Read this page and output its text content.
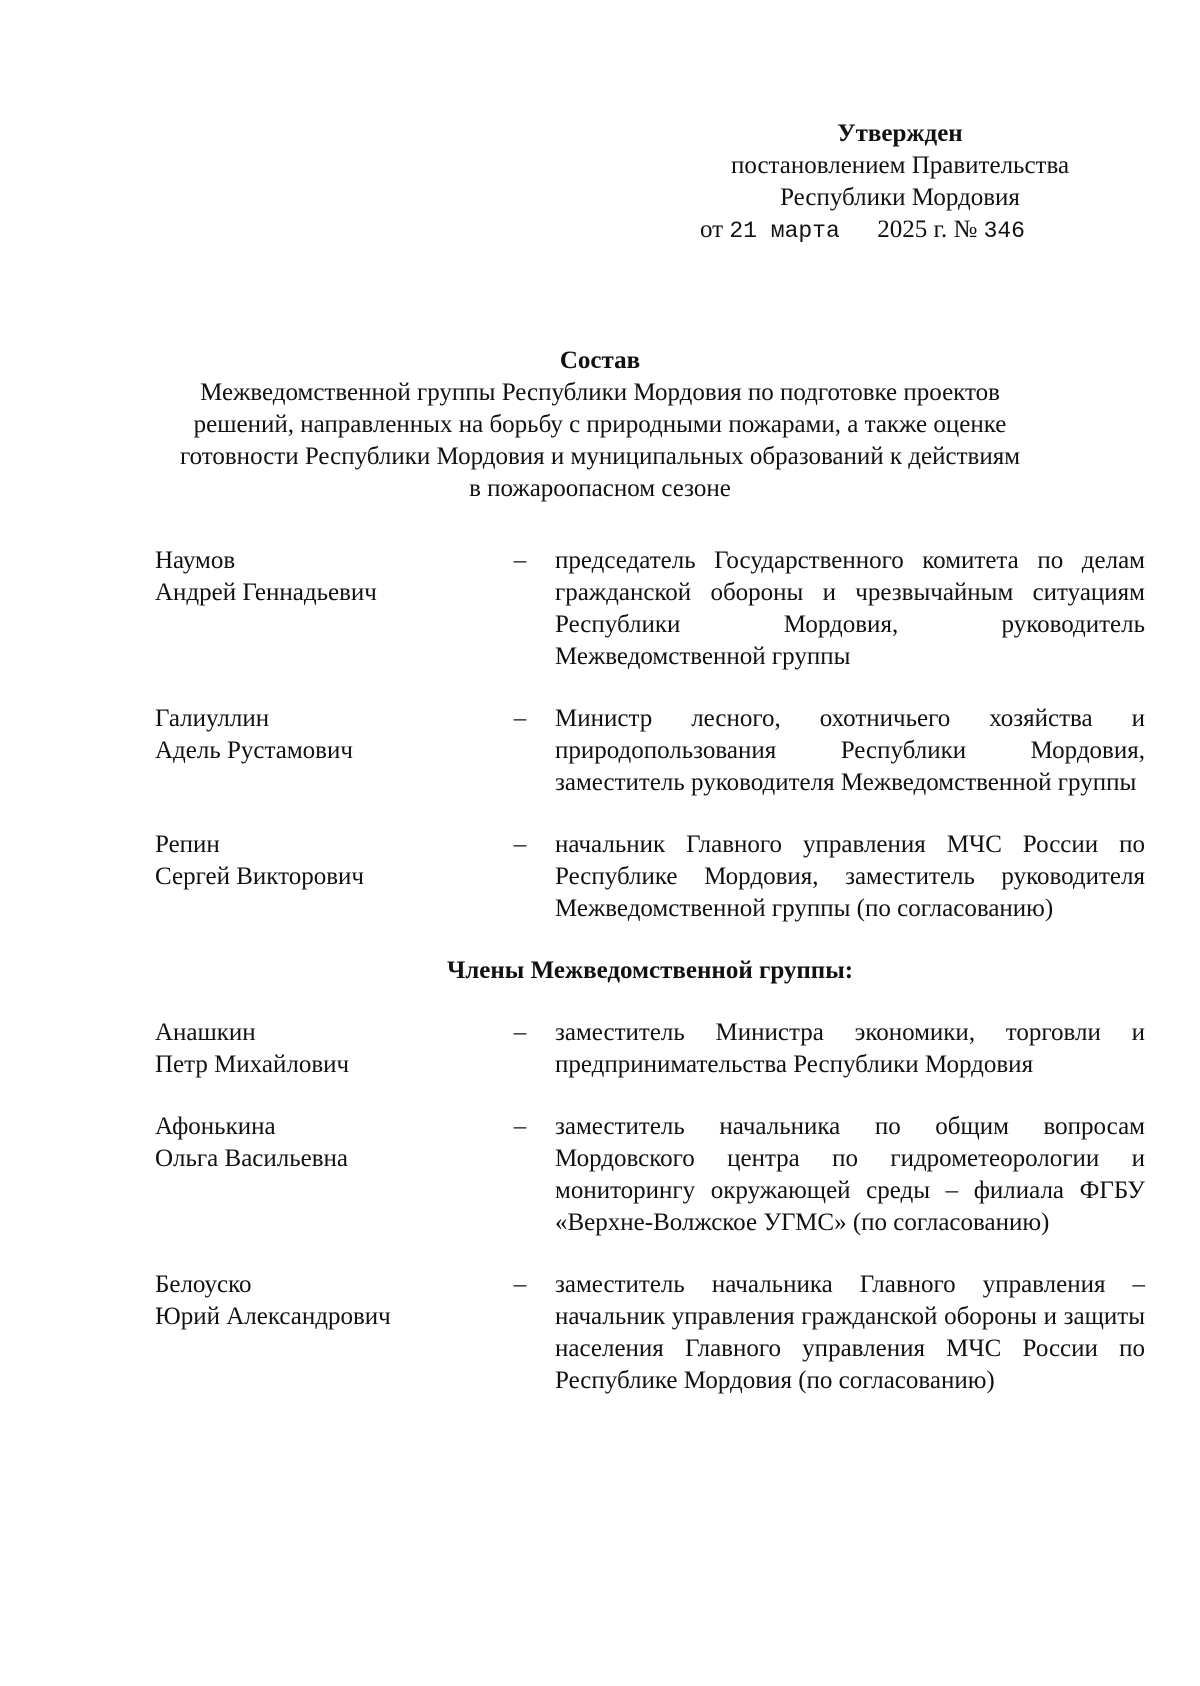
Утвержден
постановлением Правительства
Республики Мордовия
от 21 марта 2025 г. № 346
Состав
Межведомственной группы Республики Мордовия по подготовке проектов
решений, направленных на борьбу с природными пожарами, а также оценке
готовности Республики Мордовия и муниципальных образований к действиям
в пожароопасном сезоне
Наумов
Андрей Геннадьевич
–	председатель Государственного комитета по делам гражданской обороны и чрезвычайным ситуациям Республики Мордовия, руководитель Межведомственной группы
Галиуллин
Адель Рустамович
–	Министр лесного, охотничьего хозяйства и природопользования Республики Мордовия, заместитель руководителя Межведомственной группы
Репин
Сергей Викторович
–	начальник Главного управления МЧС России по Республике Мордовия, заместитель руководителя Межведомственной группы (по согласованию)
Члены Межведомственной группы:
Анашкин
Петр Михайлович
–	заместитель Министра экономики, торговли и предпринимательства Республики Мордовия
Афонькина
Ольга Васильевна
–	заместитель начальника по общим вопросам Мордовского центра по гидрометеорологии и мониторингу окружающей среды – филиала ФГБУ «Верхне-Волжское УГМС» (по согласованию)
Белоуско
Юрий Александрович
–	заместитель начальника Главного управления – начальник управления гражданской обороны и защиты населения Главного управления МЧС России по Республике Мордовия (по согласованию)
